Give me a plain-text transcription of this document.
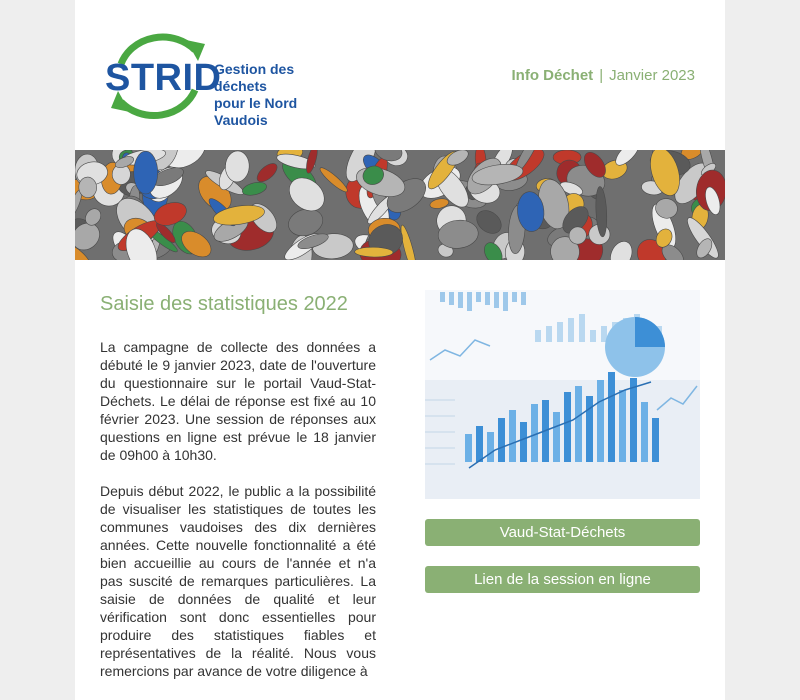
STRID
Gestion des déchets
pour le Nord Vaudois
Info Déchet | Janvier 2023
Saisie des statistiques 2022

La campagne de collecte des données a débuté le 9 janvier 2023, date de l'ouverture du questionnaire sur le portail Vaud-Stat-Déchets. Le délai de réponse est fixé au 10 février 2023. Une session de réponses aux questions en ligne est prévue le 18 janvier de 09h00 à 10h30.

Depuis début 2022, le public a la possibilité de visualiser les statistiques de toutes les communes vaudoises des dix dernières années. Cette nouvelle fonctionnalité a été bien accueillie au cours de l'année et n'a pas suscité de remarques particulières. La saisie de données de qualité et leur vérification sont donc essentielles pour produire des statistiques fiables et représentatives de la réalité. Nous vous remercions par avance de votre diligence à

Vaud-Stat-Déchets
Lien de la session en ligne
